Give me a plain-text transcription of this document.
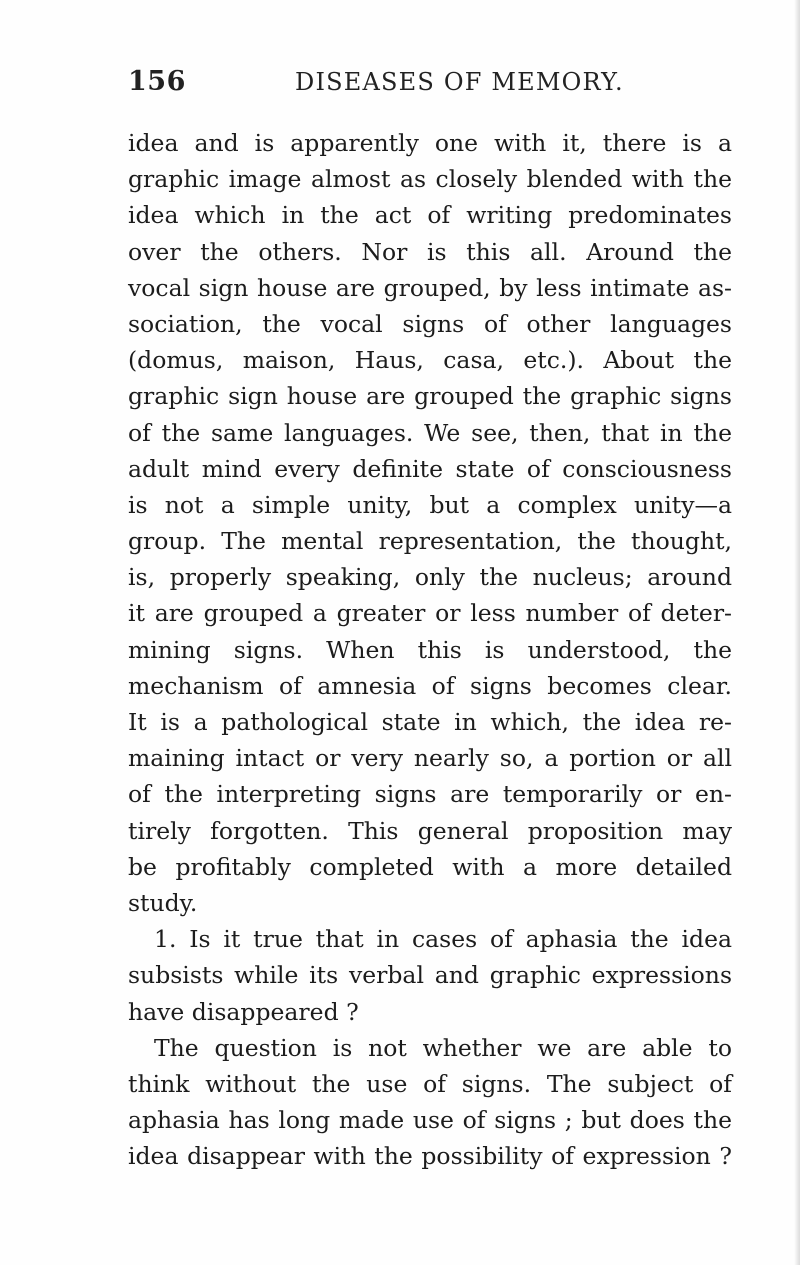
156	DISEASES OF MEMORY.
idea and is apparently one with it, there is a
graphic image almost as closely blended with the
idea which in the act of writing predominates
over the others. Nor is this all. Around the
vocal sign house are grouped, by less intimate as-
sociation, the vocal signs of other languages
(domus, maison, Haus, casa, etc.). About the
graphic sign house are grouped the graphic signs
of the same languages. We see, then, that in the
adult mind every definite state of consciousness
is not a simple unity, but a complex unity—a
group. The mental representation, the thought,
is, properly speaking, only the nucleus; around
it are grouped a greater or less number of deter-
mining signs. When this is understood, the
mechanism of amnesia of signs becomes clear.
It is a pathological state in which, the idea re-
maining intact or very nearly so, a portion or all
of the interpreting signs are temporarily or en-
tirely forgotten. This general proposition may
be profitably completed with a more detailed
study.
1. Is it true that in cases of aphasia the idea
subsists while its verbal and graphic expressions
have disappeared ?
The question is not whether we are able to
think without the use of signs. The subject of
aphasia has long made use of signs ; but does the
idea disappear with the possibility of expression ?
